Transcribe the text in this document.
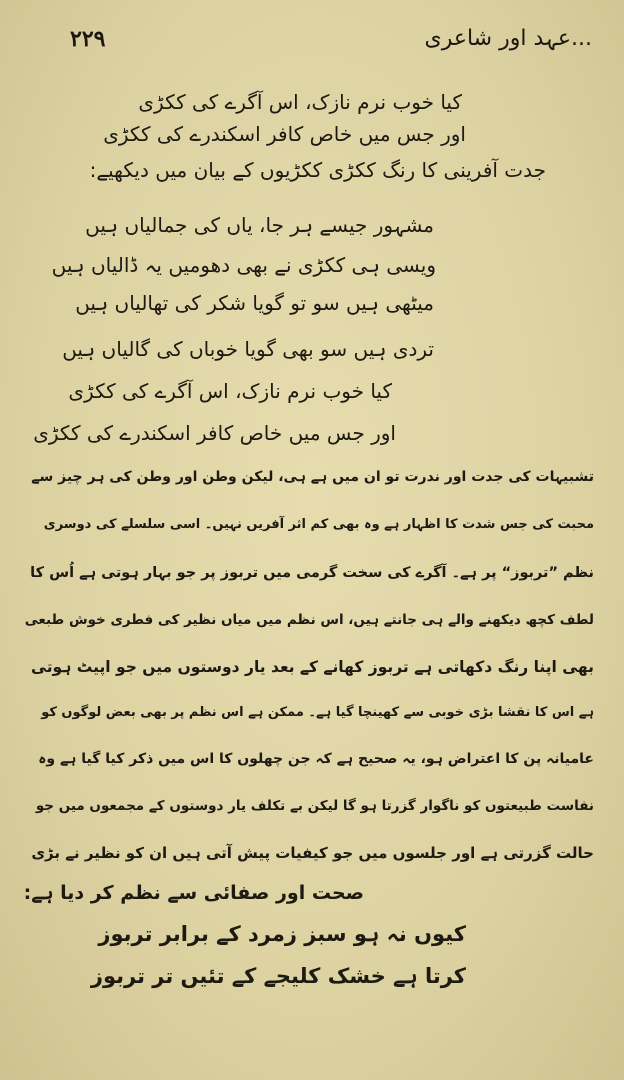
۲۲۹	...عہد اور شاعری
کیا خوب نرم نازک، اس آگرے کی ککڑی
اور جس میں خاص کافر اسکندرے کی ککڑی
جدت آفرینی کا رنگ ککڑی ککڑیوں کے بیان میں دیکھیے:
مشہور جیسے ہر جا، یاں کی جمالیاں ہیں
ویسی ہی ککڑی نے بھی دھومیں یہ ڈالیاں ہیں
میٹھی ہیں سو تو گویا شکر کی تھالیاں ہیں
تردی ہیں سو بھی گویا خوباں کی گالیاں ہیں
کیا خوب نرم نازک، اس آگرے کی ککڑی
اور جس میں خاص کافر اسکندرے کی ککڑی
تشبیہات کی جدت اور ندرت تو ان میں ہے ہی، لیکن وطن اور وطن کی ہر چیز سے
محبت کی جس شدت کا اظہار ہے وہ بھی کم اثر آفریں نہیں۔ اسی سلسلے کی دوسری
نظم ”تربوز“ پر ہے۔ آگرے کی سخت گرمی میں تربوز پر جو بہار ہوتی ہے اُس کا
لطف کچھ دیکھنے والے ہی جانتے ہیں، اس نظم میں میاں نظیر کی فطری خوش طبعی
بھی اپنا رنگ دکھاتی ہے تربوز کھانے کے بعد یار دوستوں میں جو اپیٹ ہوتی
ہے اس کا نقشا بڑی خوبی سے کھینچا گیا ہے۔ ممکن ہے اس نظم پر بھی بعض لوگوں کو
عامیانہ پن کا اعتراض ہو، یہ صحیح ہے کہ جن چھلوں کا اس میں ذکر کیا گیا ہے وہ
نفاست طبیعتوں کو ناگوار گزرتا ہو گا لیکن بے تکلف یار دوستوں کے مجمعوں میں جو
حالت گزرتی ہے اور جلسوں میں جو کیفیات پیش آتی ہیں ان کو نظیر نے بڑی
صحت اور صفائی سے نظم کر دیا ہے:
کیوں نہ ہو سبز زمرد کے برابر تربوز
کرتا ہے خشک کلیجے کے تئیں تر تربوز
